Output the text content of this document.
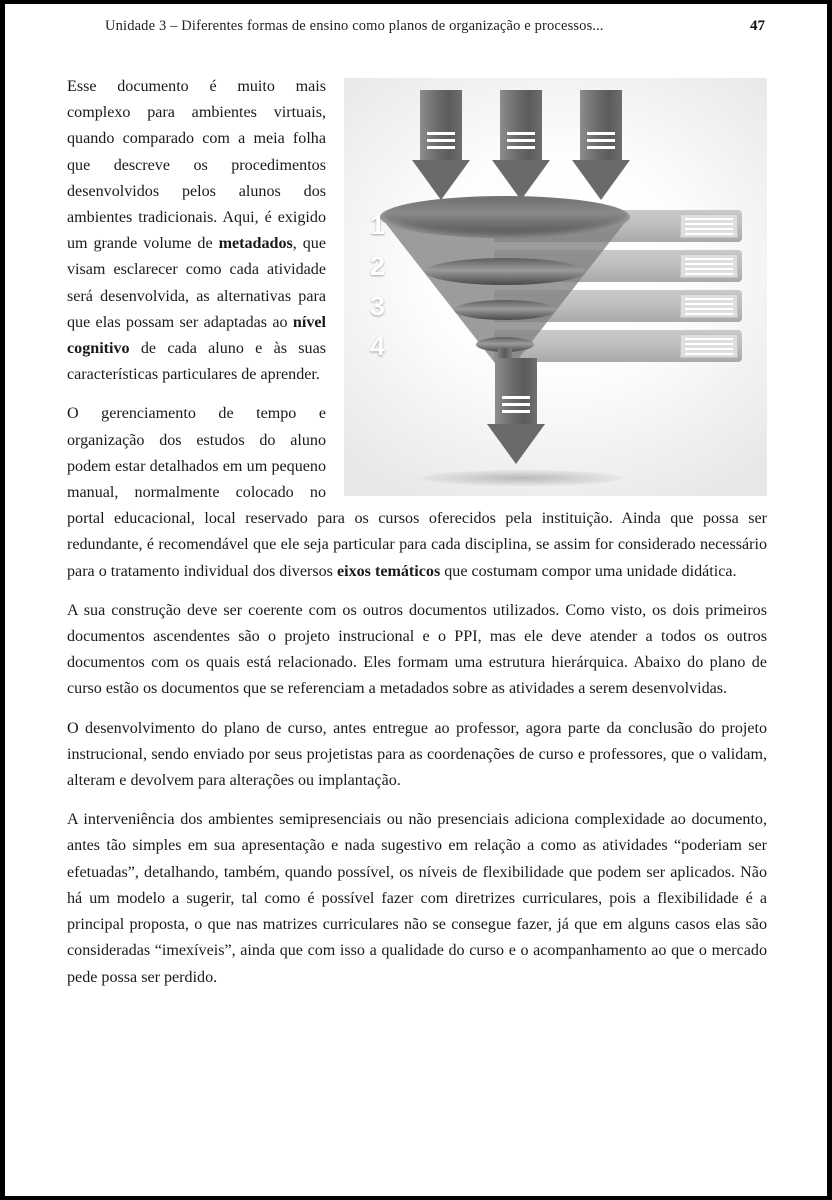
Unidade 3 – Diferentes formas de ensino como planos de organização e processos...	47
1
2
3
4

Esse documento é muito mais complexo para ambientes virtuais, quando comparado com a meia folha que descreve os procedimentos desenvolvidos pelos alunos dos ambientes tradicionais. Aqui, é exigido um grande volume de metadados, que visam esclarecer como cada atividade será desenvolvida, as alternativas para que elas possam ser adaptadas ao nível cognitivo de cada aluno e às suas características particulares de aprender.

O gerenciamento de tempo e organização dos estudos do aluno podem estar detalhados em um pequeno manual, normalmente colocado no portal educacional, local reservado para os cursos oferecidos pela instituição. Ainda que possa ser redundante, é recomendável que ele seja particular para cada disciplina, se assim for considerado necessário para o tratamento individual dos diversos eixos temáticos que costumam compor uma unidade didática.

A sua construção deve ser coerente com os outros documentos utilizados. Como visto, os dois primeiros documentos ascendentes são o projeto instrucional e o PPI, mas ele deve atender a todos os outros documentos com os quais está relacionado. Eles formam uma estrutura hierárquica. Abaixo do plano de curso estão os documentos que se referenciam a metadados sobre as atividades a serem desenvolvidas.

O desenvolvimento do plano de curso, antes entregue ao professor, agora parte da conclusão do projeto instrucional, sendo enviado por seus projetistas para as coordenações de curso e professores, que o validam, alteram e devolvem para alterações ou implantação.

A interveniência dos ambientes semipresenciais ou não presenciais adiciona complexidade ao documento, antes tão simples em sua apresentação e nada sugestivo em relação a como as atividades “poderiam ser efetuadas”, detalhando, também, quando possível, os níveis de flexibilidade que podem ser aplicados. Não há um modelo a sugerir, tal como é possível fazer com diretrizes curriculares, pois a flexibilidade é a principal proposta, o que nas matrizes curriculares não se consegue fazer, já que em alguns casos elas são consideradas “imexíveis”, ainda que com isso a qualidade do curso e o acompanhamento ao que o mercado pede possa ser perdido.
